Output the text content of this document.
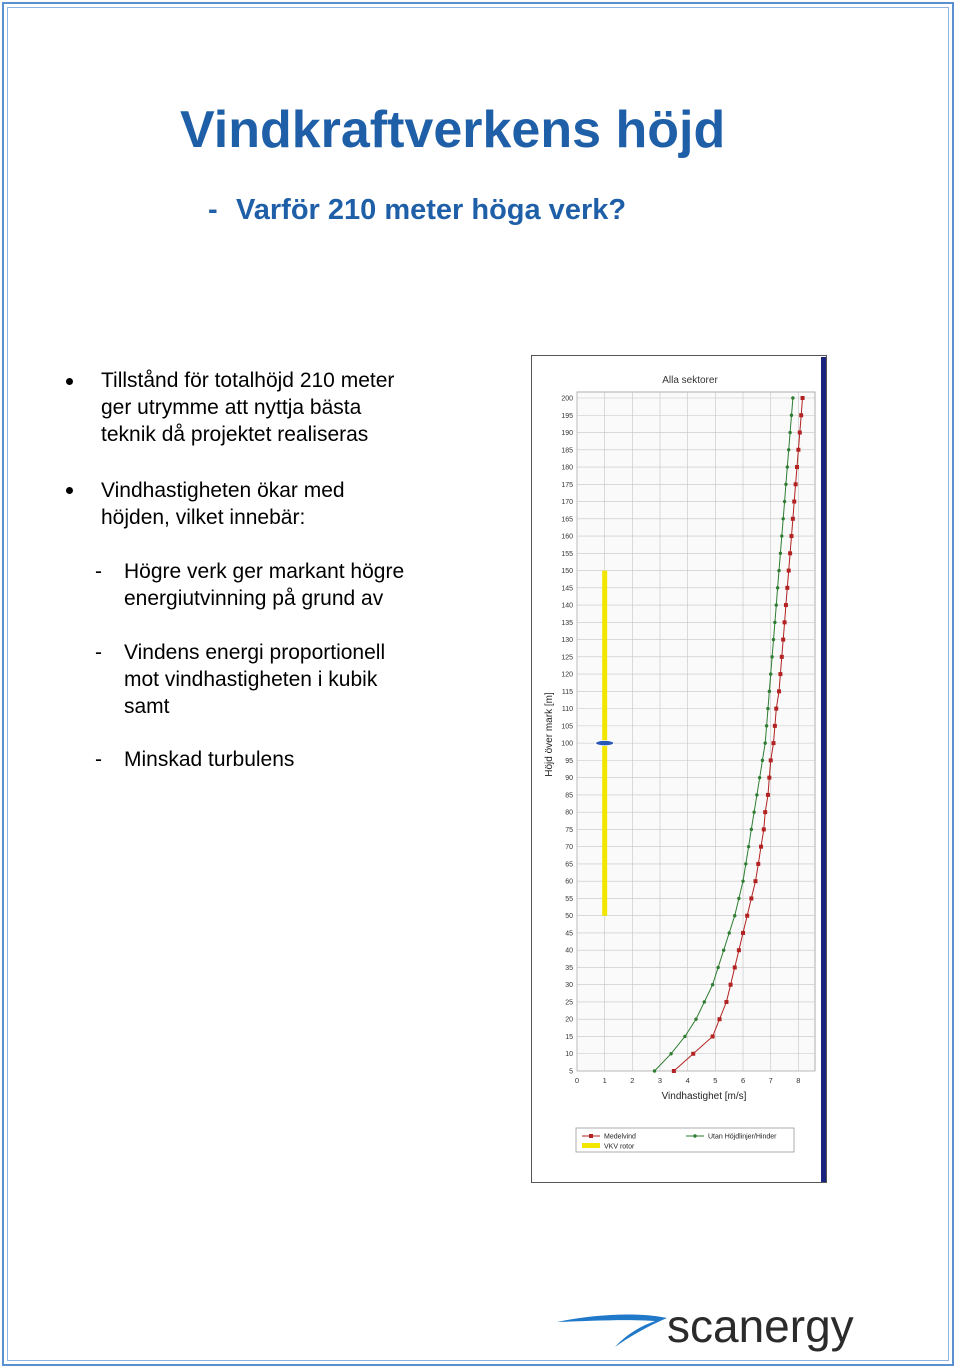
Vindkraftverkens höjd
- Varför 210 meter höga verk?
Tillstånd för totalhöjd 210 meter
ger utrymme att nyttja bästa
teknik då projektet realiseras
Vindhastigheten ökar med
höjden, vilket innebär:
- Högre verk ger markant högre
energiutvinning på grund av
- Vindens energi proportionell
mot vindhastigheten i kubik
samt
- Minskad turbulens
Alla sektorer
5
10
15
20
25
30
35
40
45
50
55
60
65
70
75
80
85
90
95
100
105
110
115
120
125
130
135
140
145
150
155
160
165
170
175
180
185
190
195
200
0	1	2	3	4	5	6	7	8
Vindhastighet [m/s]
Höjd över mark [m]
Medelvind	Utan Höjdlinjer/Hinder
VKV rotor
scanergy
